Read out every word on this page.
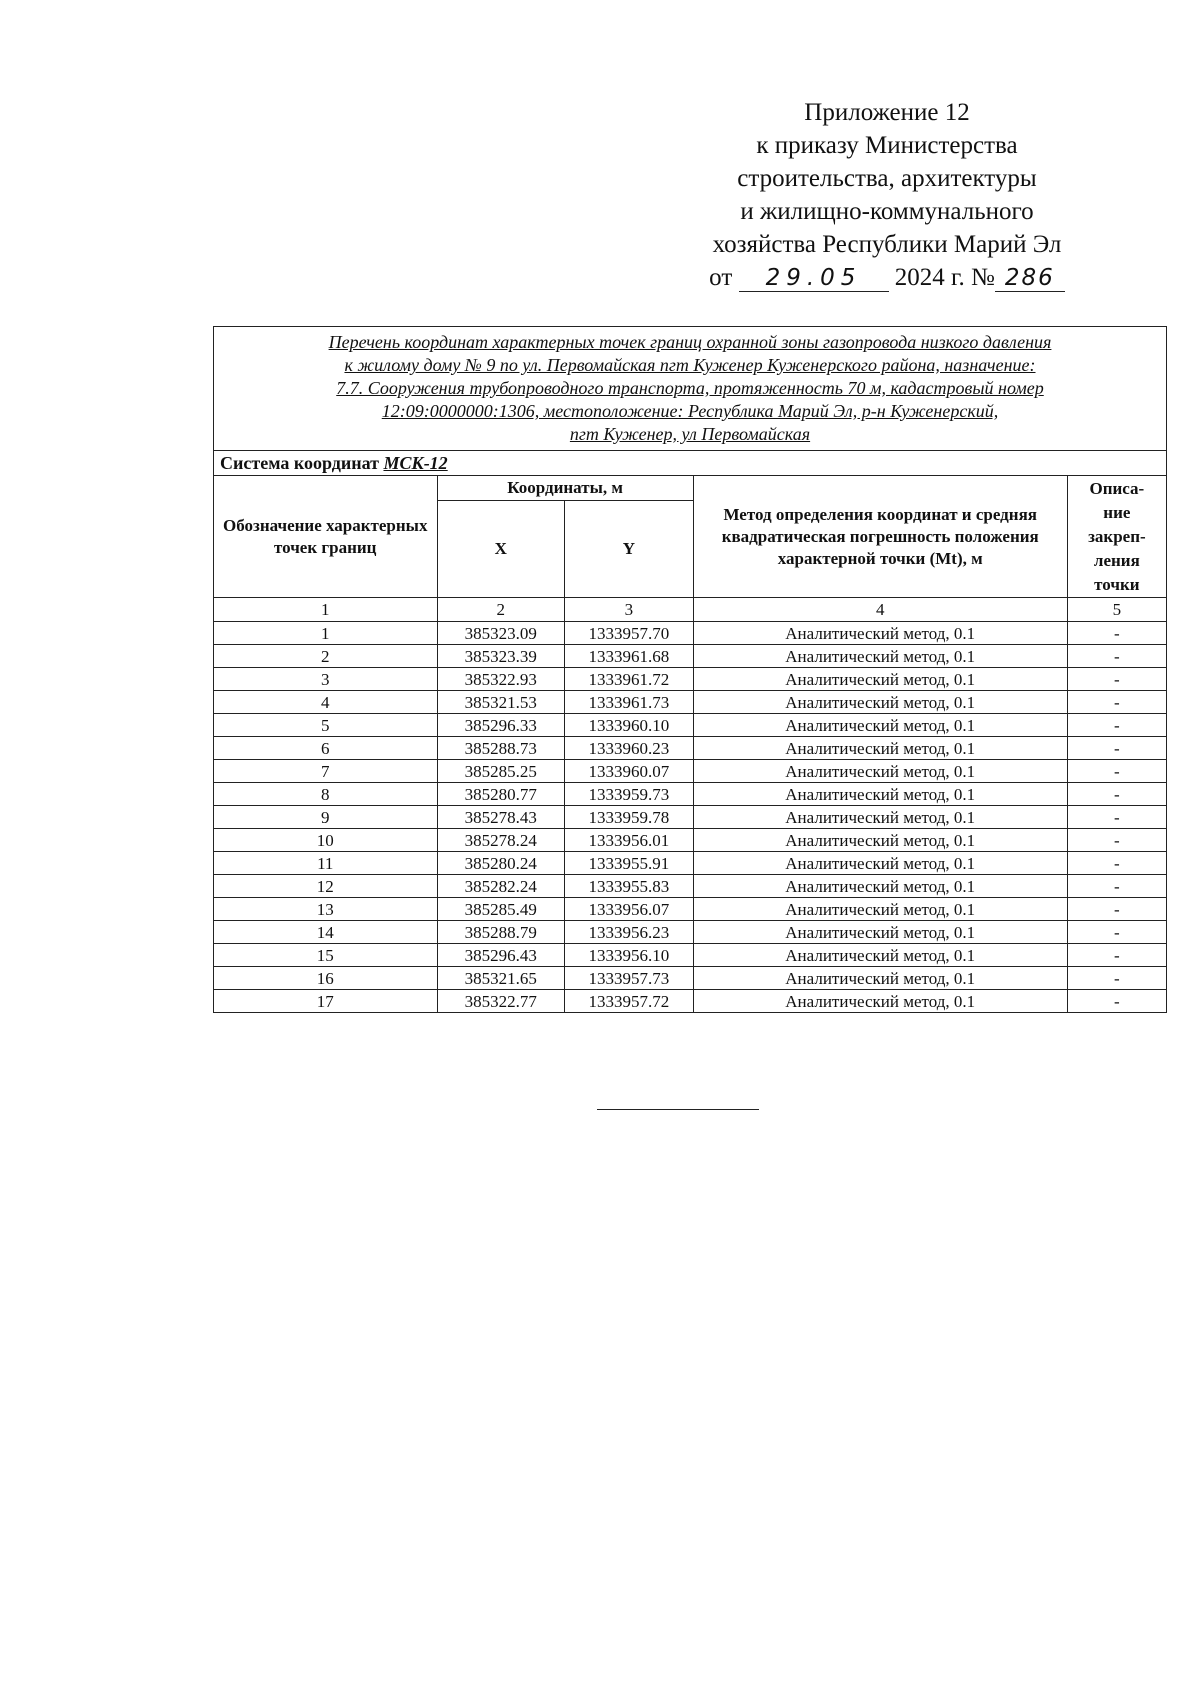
Приложение 12
к приказу Министерства
строительства, архитектуры
и жилищно-коммунального
хозяйства Республики Марий Эл
от 29.05 2024 г. № 286
Перечень координат характерных точек границ охранной зоны газопровода низкого давления
к жилому дому № 9 по ул. Первомайская пгт Куженер Куженерского района, назначение:
7.7. Сооружения трубопроводного транспорта, протяженность 70 м, кадастровый номер
12:09:0000000:1306, местоположение: Республика Марий Эл, р-н Куженерский,
пгт Куженер, ул Первомайская				

Система координат МСК-12				
Обозначение характерных точек границ	Координаты, м		Метод определения координат и средняя квадратическая погрешность положения характерной точки (Mt), м	Описа- ние закреп- ления точки
	X	Y		
1	2	3	4	5
1	385323.09	1333957.70	Аналитический метод, 0.1	-
2	385323.39	1333961.68	Аналитический метод, 0.1	-
3	385322.93	1333961.72	Аналитический метод, 0.1	-
4	385321.53	1333961.73	Аналитический метод, 0.1	-
5	385296.33	1333960.10	Аналитический метод, 0.1	-
6	385288.73	1333960.23	Аналитический метод, 0.1	-
7	385285.25	1333960.07	Аналитический метод, 0.1	-
8	385280.77	1333959.73	Аналитический метод, 0.1	-
9	385278.43	1333959.78	Аналитический метод, 0.1	-
10	385278.24	1333956.01	Аналитический метод, 0.1	-
11	385280.24	1333955.91	Аналитический метод, 0.1	-
12	385282.24	1333955.83	Аналитический метод, 0.1	-
13	385285.49	1333956.07	Аналитический метод, 0.1	-
14	385288.79	1333956.23	Аналитический метод, 0.1	-
15	385296.43	1333956.10	Аналитический метод, 0.1	-
16	385321.65	1333957.73	Аналитический метод, 0.1	-
17	385322.77	1333957.72	Аналитический метод, 0.1	-
